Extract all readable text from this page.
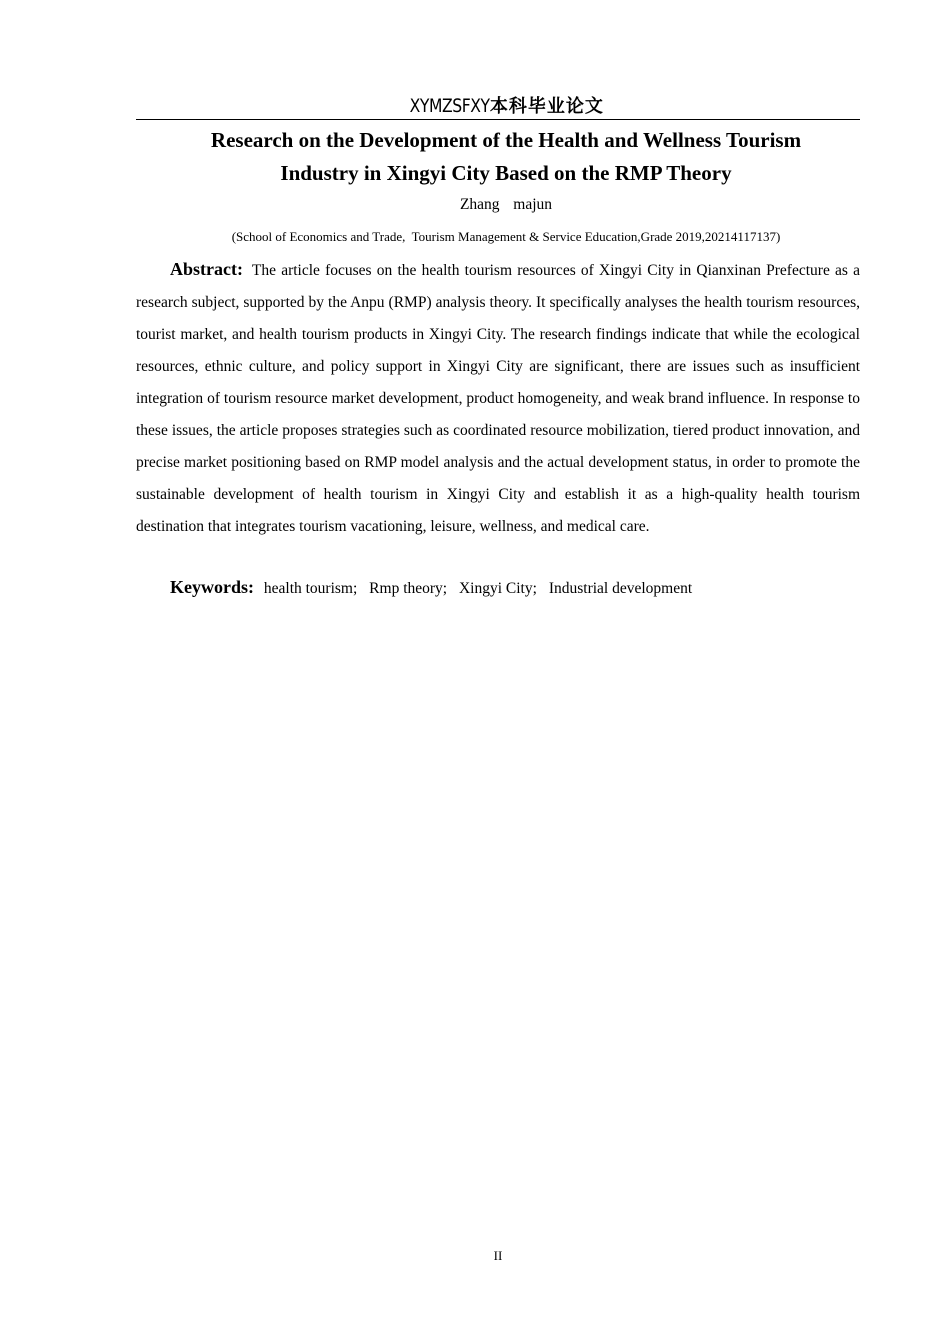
XYMZSFXY本科毕业论文
Research on the Development of the Health and Wellness Tourism
Industry in Xingyi City Based on the RMP Theory
Zhang  majun
(School of Economics and Trade,  Tourism Management & Service Education,Grade 2019,20214117137)

Abstract: The article focuses on the health tourism resources of Xingyi City in Qianxinan Prefecture as a research subject, supported by the Anpu (RMP) analysis theory. It specifically analyses the health tourism resources, tourist market, and health tourism products in Xingyi City. The research findings indicate that while the ecological resources, ethnic culture, and policy support in Xingyi City are significant, there are issues such as insufficient integration of tourism resource market development, product homogeneity, and weak brand influence. In response to these issues, the article proposes strategies such as coordinated resource mobilization, tiered product innovation, and precise market positioning based on RMP model analysis and the actual development status, in order to promote the sustainable development of health tourism in Xingyi City and establish it as a high-quality health tourism destination that integrates tourism vacationing, leisure, wellness, and medical care.

Keywords: health tourism; Rmp theory; Xingyi City; Industrial development

II
